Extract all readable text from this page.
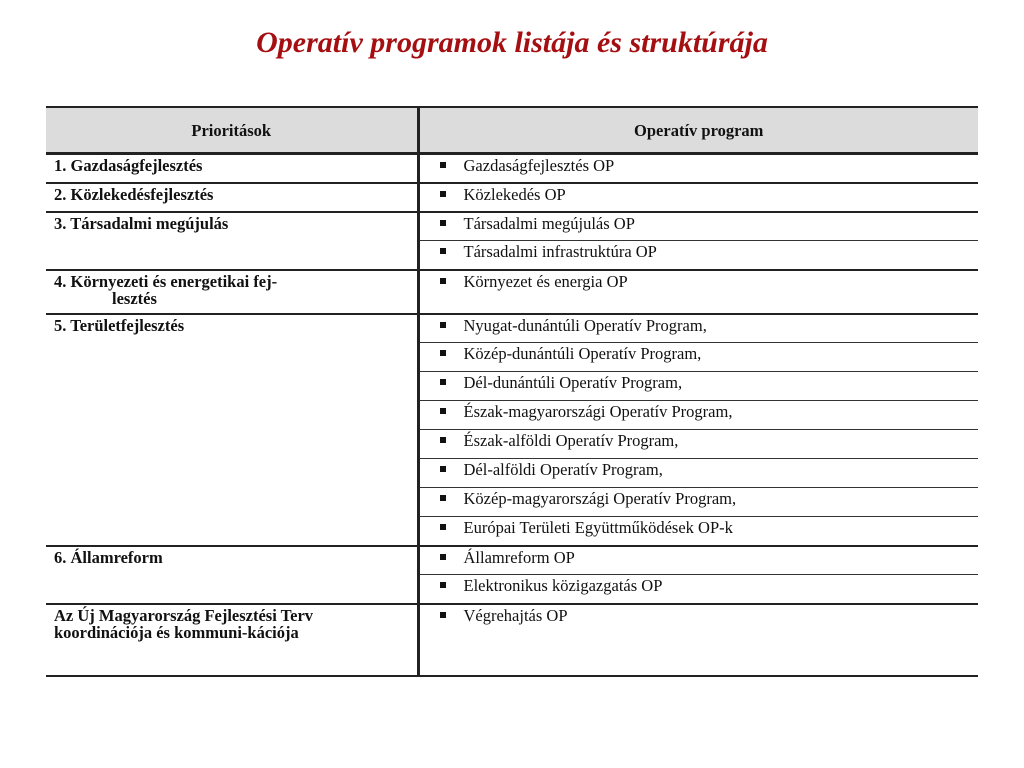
Operatív programok listája és struktúrája
Prioritások	Operatív program
1. Gazdaságfejlesztés	Gazdaságfejlesztés OP
2. Közlekedésfejlesztés	Közlekedés OP
3. Társadalmi megújulás	Társadalmi megújulás OP
	Társadalmi infrastruktúra OP
4. Környezeti és energetikai fej-
lesztés	Környezet és energia OP
5. Területfejlesztés	Nyugat-dunántúli Operatív Program,
	Közép-dunántúli Operatív Program,
	Dél-dunántúli Operatív Program,
	Észak-magyarországi Operatív Program,
	Észak-alföldi Operatív Program,
	Dél-alföldi Operatív Program,
	Közép-magyarországi Operatív Program,
	Európai Területi Együttműködések OP-k
6. Államreform	Államreform OP
	Elektronikus közigazgatás OP
Az Új Magyarország Fejlesztési Terv koordinációja és kommuni-kációja	Végrehajtás OP
